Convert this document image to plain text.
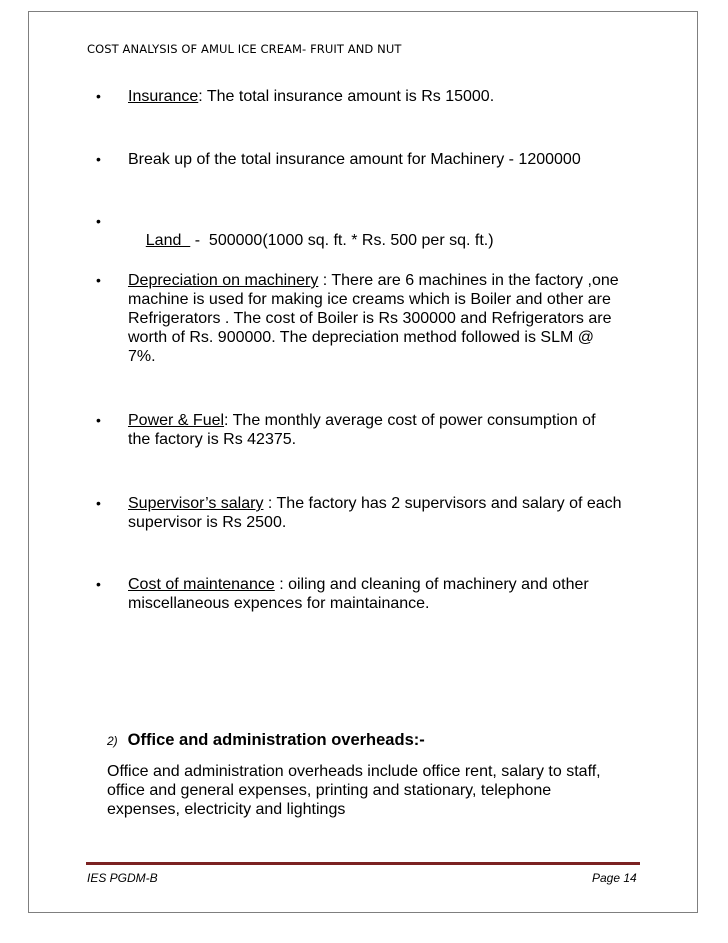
COST ANALYSIS OF AMUL ICE CREAM- FRUIT AND NUT
• Insurance: The total insurance amount is Rs 15000.
• Break up of the total insurance amount for Machinery - 1200000
•

Land   -  500000(1000 sq. ft. * Rs. 500 per sq. ft.)

• Depreciation on machinery : There are 6 machines in the factory ,one
machine is used for making ice creams which is Boiler and other are
Refrigerators . The cost of Boiler is Rs 300000 and Refrigerators are
worth of Rs. 900000. The depreciation method followed is SLM @
7%.
• Power & Fuel: The monthly average cost of power consumption of
the factory is Rs 42375.
• Supervisor’s salary : The factory has 2 supervisors and salary of each
supervisor is Rs 2500.
• Cost of maintenance : oiling and cleaning of machinery and other
miscellaneous expences for maintainance.
2) Office and administration overheads:-
Office and administration overheads include office rent, salary to staff,
office and general expenses, printing and stationary, telephone
expenses, electricity and lightings
IES PGDM-B	Page 14
